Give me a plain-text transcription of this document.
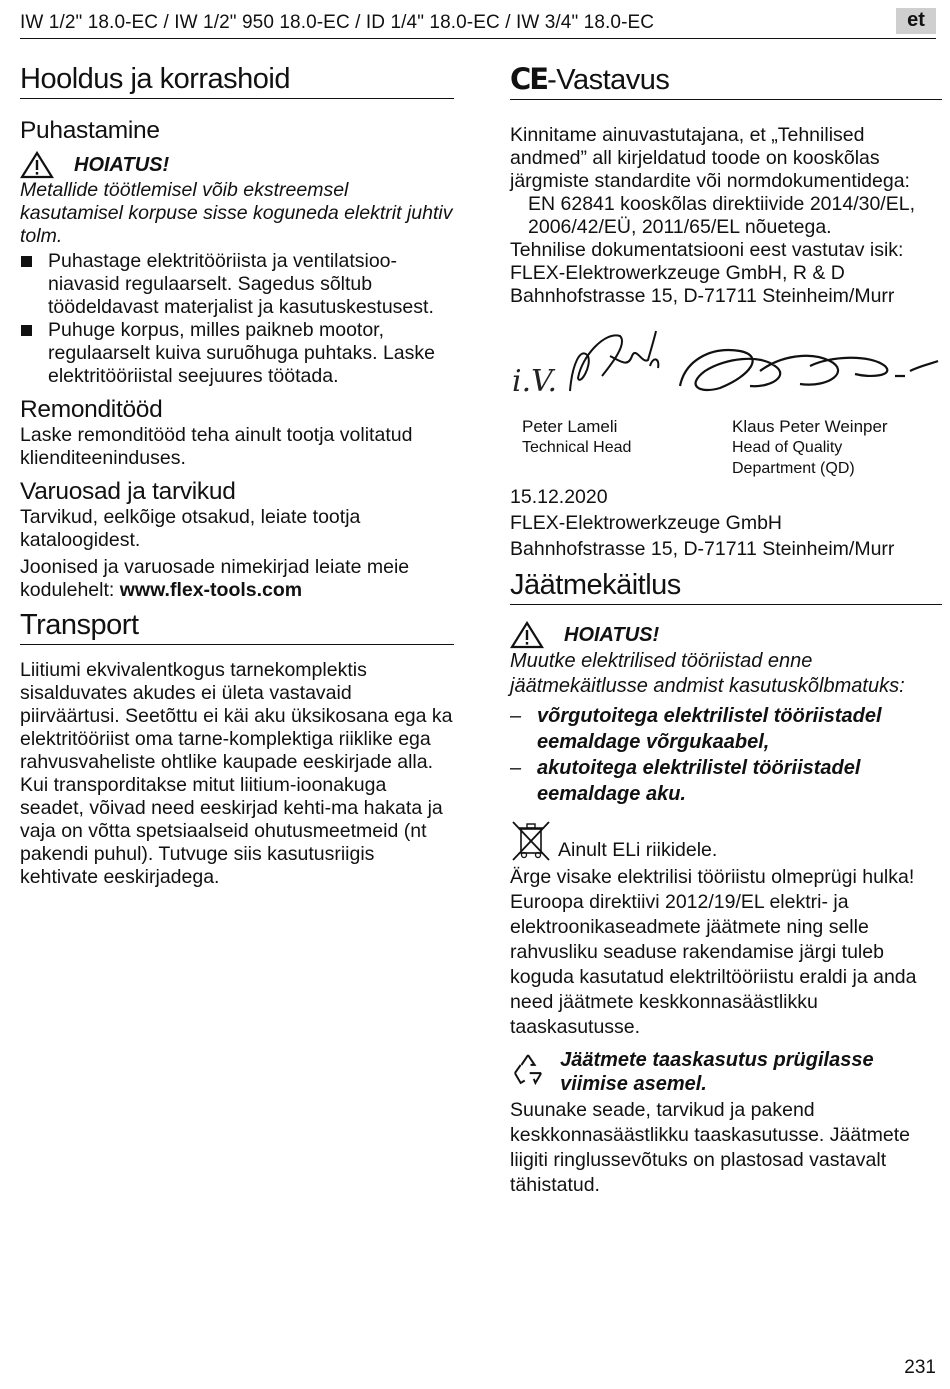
IW 1/2" 18.0-EC / IW 1/2" 950 18.0-EC / ID 1/4" 18.0-EC / IW 3/4" 18.0-EC	et
Hooldus ja korrashoid
Puhastamine
HOIATUS!

Metallide töötlemisel võib ekstreemsel kasutamisel korpuse sisse koguneda elektrit juhtiv tolm.

Puhastage elektritööriista ja ventilatsioo-niavasid regulaarselt. Sagedus sõltub töödeldavast materjalist ja kasutuskestusest.
Puhuge korpus, milles paikneb mootor, regulaarselt kuiva suruõhuga puhtaks. Laske elektritööriistal seejuures töötada.
Remonditööd

Laske remonditööd teha ainult tootja volitatud klienditeeninduses.

Varuosad ja tarvikud

Tarvikud, eelkõige otsakud, leiate tootja kataloogidest.

Joonised ja varuosade nimekirjad leiate meie kodulehelt: www.flex-tools.com

Transport

Liitiumi ekvivalentkogus tarnekomplektis sisalduvates akudes ei ületa vastavaid piirväärtusi. Seetõttu ei käi aku üksikosana ega ka elektritööriist oma tarne-komplektiga riiklike ega rahvusvaheliste ohtlike kaupade eeskirjade alla.
Kui transporditakse mitut liitium-ioonakuga seadet, võivad need eeskirjad kehti-ma hakata ja vaja on võtta spetsiaalseid ohutusmeetmeid (nt pakendi puhul). Tutvuge siis kasutusriigis kehtivate eeskirjadega.

CE-Vastavus

Kinnitame ainuvastutajana, et „Tehnilised andmed” all kirjeldatud toode on kooskõlas järgmiste standardite või normdokumentidega:

EN 62841 kooskõlas direktiivide 2014/30/EL, 2006/42/EÜ, 2011/65/EL nõuetega.

Tehnilise dokumentatsiooni eest vastutav isik: FLEX-Elektrowerkzeuge GmbH, R & D Bahnhofstrasse 15, D-71711 Steinheim/Murr

i.V.
Peter Lameli
Technical Head
Klaus Peter Weinper
Head of Quality Department (QD)

15.12.2020

FLEX-Elektrowerkzeuge GmbH

Bahnhofstrasse 15, D-71711 Steinheim/Murr

Jäätmekäitlus
HOIATUS!

Muutke elektrilised tööriistad enne jäätmekäitlusse andmist kasutuskõlbmatuks:

– võrgutoitega elektrilistel tööriistadel eemaldage võrgukaabel,
– akutoitega elektrilistel tööriistadel eemaldage aku.
Ainult ELi riikidele.

Ärge visake elektrilisi tööriistu olmeprügi hulka! Euroopa direktiivi 2012/19/EL elektri- ja elektroonikaseadmete jäätmete ning selle rahvusliku seaduse rakendamise järgi tuleb koguda kasutatud elektriltööriistu eraldi ja anda need jäätmete keskkonnasäästlikku taaskasutusse.

Jäätmete taaskasutus prügilasse viimise asemel.

Suunake seade, tarvikud ja pakend keskkonnasäästlikku taaskasutusse. Jäätmete liigiti ringlussevõtuks on plastosad vastavalt tähistatud.

231
